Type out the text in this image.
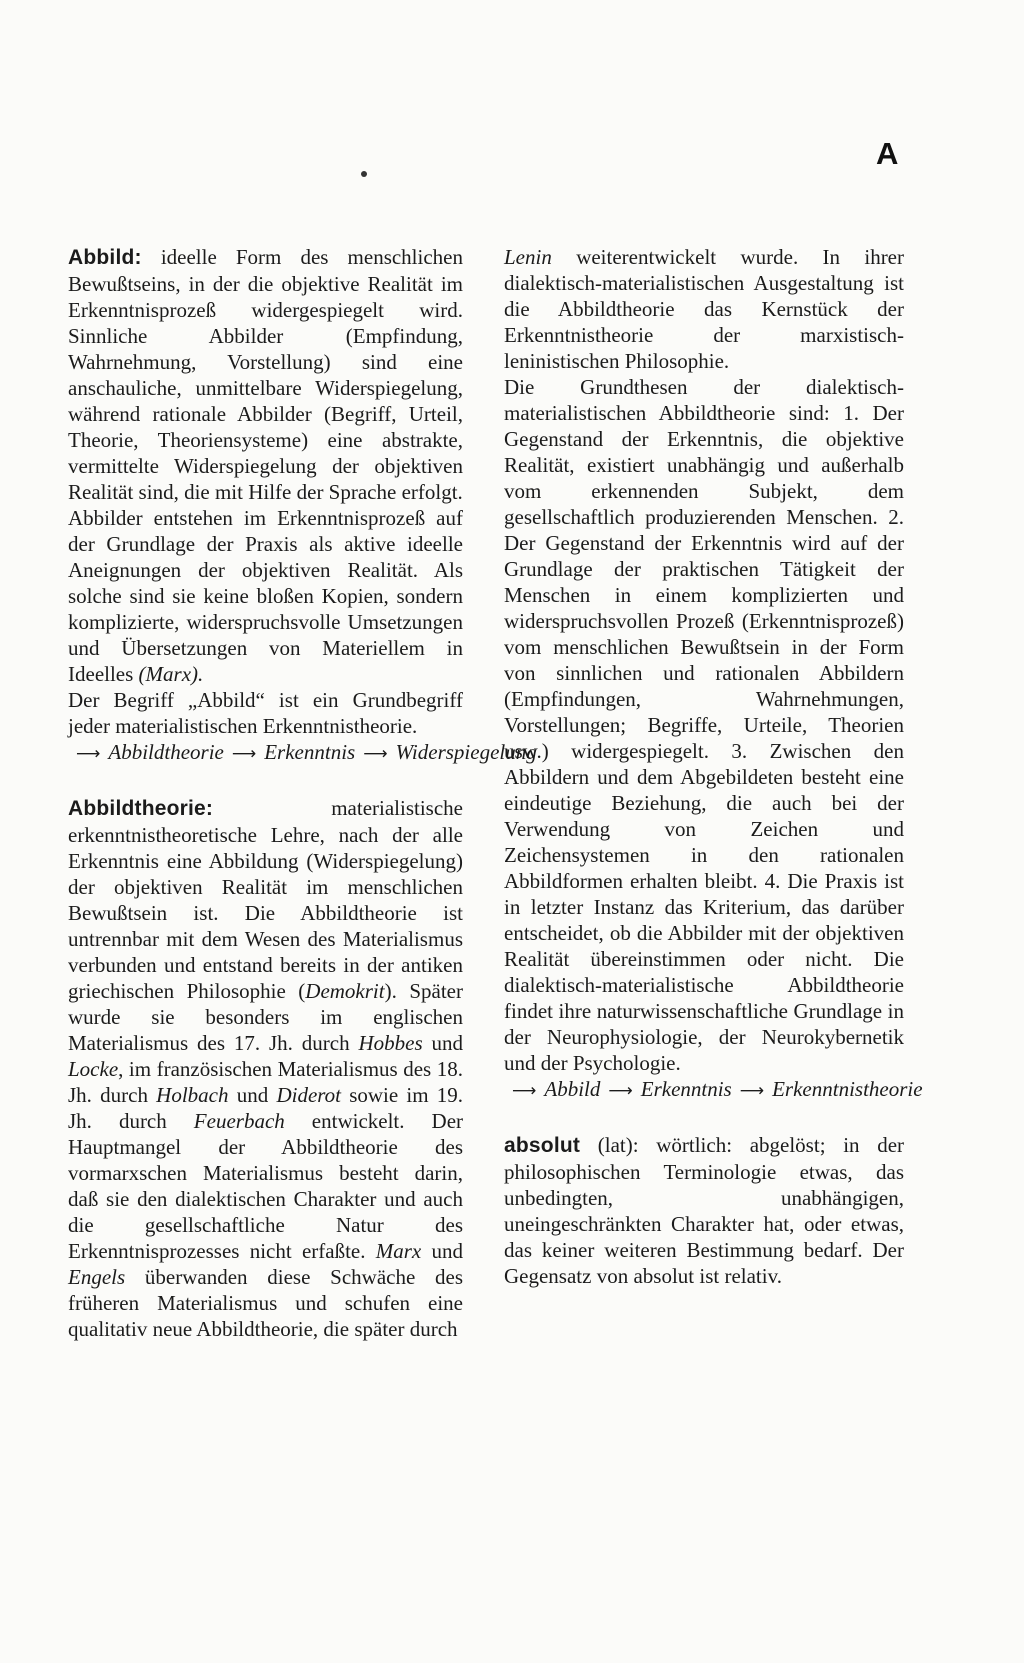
A

Abbild: ideelle Form des menschlichen Bewußtseins, in der die objektive Realität im Erkenntnisprozeß widergespiegelt wird. Sinnliche Abbilder (Empfindung, Wahrnehmung, Vorstellung) sind eine anschauliche, unmittelbare Widerspiegelung, während rationale Abbilder (Begriff, Urteil, Theorie, Theoriensysteme) eine abstrakte, vermittelte Widerspiegelung der objektiven Realität sind, die mit Hilfe der Sprache erfolgt.

Abbilder entstehen im Erkenntnisprozeß auf der Grundlage der Praxis als aktive ideelle Aneignungen der objektiven Realität. Als solche sind sie keine bloßen Kopien, sondern komplizierte, widerspruchsvolle Umsetzungen und Übersetzungen von Materiellem in Ideelles (Marx).

Der Begriff „Abbild“ ist ein Grundbegriff jeder materialistischen Erkenntnistheorie.

⟶ Abbildtheorie ⟶ Erkenntnis ⟶ Widerspiegelung

Abbildtheorie:	materialistische erkenntnistheoretische Lehre, nach der alle Erkenntnis eine Abbildung (Widerspiegelung) der objektiven Realität im menschlichen Bewußtsein ist. Die Abbildtheorie ist untrennbar mit dem Wesen des Materialismus verbunden und entstand bereits in der antiken griechischen Philosophie (Demokrit). Später wurde sie besonders im englischen Materialismus des 17. Jh. durch Hobbes und Locke, im französischen Materialismus des 18. Jh. durch Holbach und Diderot sowie im 19. Jh. durch Feuerbach entwickelt. Der Hauptmangel der Abbildtheorie des vormarxschen Materialismus besteht darin, daß sie den dialektischen Charakter und auch die gesellschaftliche Natur des Erkenntnisprozesses nicht erfaßte. Marx und Engels überwanden diese Schwäche des früheren Materialismus und schufen eine qualitativ neue Abbildtheorie, die später durch

Lenin weiterentwickelt wurde. In ihrer dialektisch-materialistischen Ausgestaltung ist die Abbildtheorie das Kernstück der Erkenntnistheorie der marxistisch-leninistischen Philosophie.

Die Grundthesen der dialektisch-materialistischen Abbildtheorie sind: 1. Der Gegenstand der Erkenntnis, die objektive Realität, existiert unabhängig und außerhalb vom erkennenden Subjekt, dem gesellschaftlich produzierenden Menschen. 2. Der Gegenstand der Erkenntnis wird auf der Grundlage der praktischen Tätigkeit der Menschen in einem komplizierten und widerspruchsvollen Prozeß (Erkenntnisprozeß) vom menschlichen Bewußtsein in der Form von sinnlichen und rationalen Abbildern (Empfindungen, Wahrnehmungen, Vorstellungen; Begriffe, Urteile, Theorien usw.) widergespiegelt. 3. Zwischen den Abbildern und dem Abgebildeten besteht eine eindeutige Beziehung, die auch bei der Verwendung von Zeichen und Zeichensystemen in den rationalen Abbildformen erhalten bleibt. 4. Die Praxis ist in letzter Instanz das Kriterium, das darüber entscheidet, ob die Abbilder mit der objektiven Realität übereinstimmen oder nicht. Die dialektisch-materialistische Abbildtheorie findet ihre naturwissenschaftliche Grundlage in der Neurophysiologie, der Neurokybernetik und der Psychologie.

⟶ Abbild ⟶ Erkenntnis ⟶ Erkenntnistheorie

absolut (lat): wörtlich: abgelöst; in der philosophischen Terminologie etwas, das unbedingten, unabhängigen, uneingeschränkten Charakter hat, oder etwas, das keiner weiteren Bestimmung bedarf. Der Gegensatz von absolut ist relativ.
